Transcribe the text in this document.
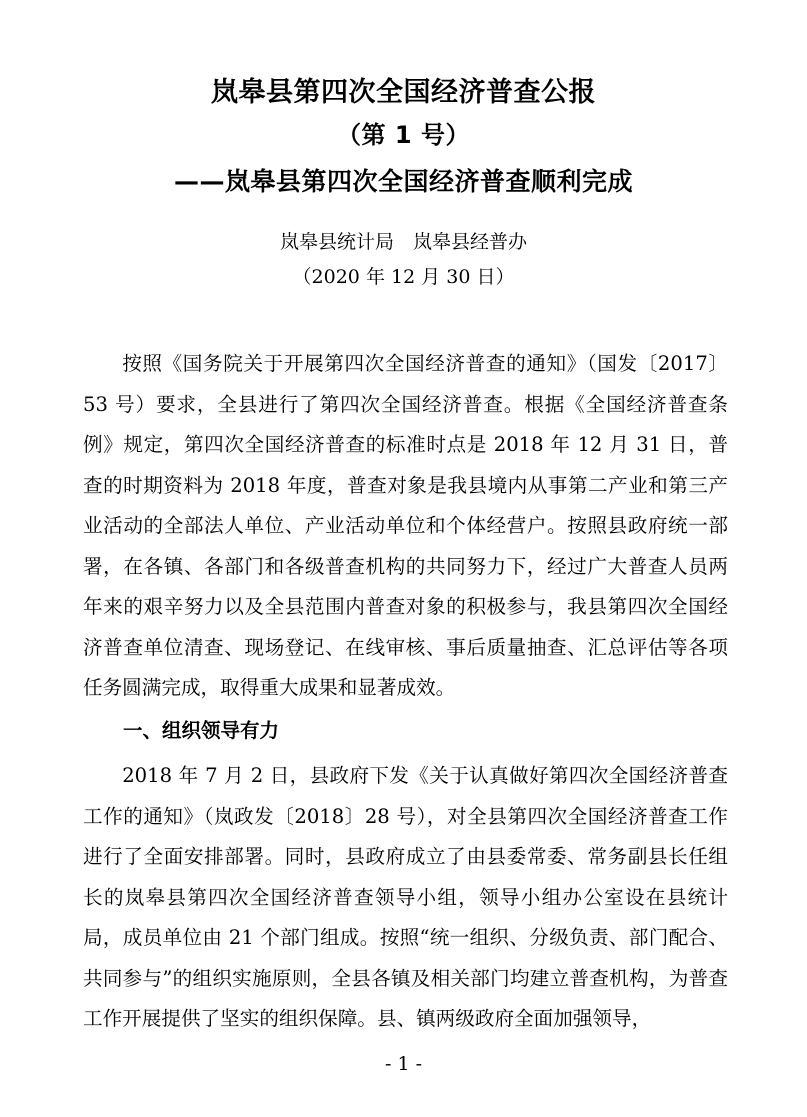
岚皋县第四次全国经济普查公报
（第 1 号）
——岚皋县第四次全国经济普查顺利完成
岚皋县统计局　岚皋县经普办
（2020 年 12 月 30 日）

按照《国务院关于开展第四次全国经济普查的通知》（国发〔2017〕53 号）要求，全县进行了第四次全国经济普查。根据《全国经济普查条例》规定，第四次全国经济普查的标准时点是 2018 年 12 月 31 日，普查的时期资料为 2018 年度，普查对象是我县境内从事第二产业和第三产业活动的全部法人单位、产业活动单位和个体经营户。按照县政府统一部署，在各镇、各部门和各级普查机构的共同努力下，经过广大普查人员两年来的艰辛努力以及全县范围内普查对象的积极参与，我县第四次全国经济普查单位清查、现场登记、在线审核、事后质量抽查、汇总评估等各项任务圆满完成，取得重大成果和显著成效。

一、组织领导有力

2018 年 7 月 2 日，县政府下发《关于认真做好第四次全国经济普查工作的通知》（岚政发〔2018〕28 号），对全县第四次全国经济普查工作进行了全面安排部署。同时，县政府成立了由县委常委、常务副县长任组长的岚皋县第四次全国经济普查领导小组，领导小组办公室设在县统计局，成员单位由 21 个部门组成。按照“统一组织、分级负责、部门配合、共同参与”的组织实施原则，全县各镇及相关部门均建立普查机构，为普查工作开展提供了坚实的组织保障。县、镇两级政府全面加强领导，

- 1 -
